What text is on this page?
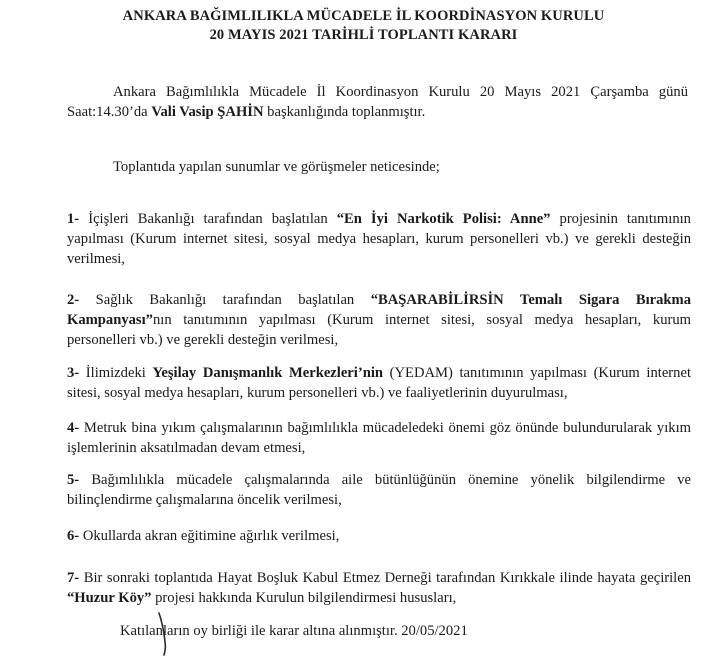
ANKARA BAĞIMLILIKLA MÜCADELE İL KOORDİNASYON KURULU
20 MAYIS 2021 TARİHLİ TOPLANTI KARARI
Ankara Bağımlılıkla Mücadele İl Koordinasyon Kurulu 20 Mayıs 2021 Çarşamba günü Saat:14.30’da Vali Vasip ŞAHİN başkanlığında toplanmıştır.
Toplantıda yapılan sunumlar ve görüşmeler neticesinde;
1- İçişleri Bakanlığı tarafından başlatılan “En İyi Narkotik Polisi: Anne” projesinin tanıtımının yapılması (Kurum internet sitesi, sosyal medya hesapları, kurum personelleri vb.) ve gerekli desteğin verilmesi,
2- Sağlık Bakanlığı tarafından başlatılan “BAŞARABİLİRSİN Temalı Sigara Bırakma Kampanyası”nın tanıtımının yapılması (Kurum internet sitesi, sosyal medya hesapları, kurum personelleri vb.) ve gerekli desteğin verilmesi,
3- İlimizdeki Yeşilay Danışmanlık Merkezleri’nin (YEDAM) tanıtımının yapılması (Kurum internet sitesi, sosyal medya hesapları, kurum personelleri vb.) ve faaliyetlerinin duyurulması,
4- Metruk bina yıkım çalışmalarının bağımlılıkla mücadeledeki önemi göz önünde bulundurularak yıkım işlemlerinin aksatılmadan devam etmesi,
5- Bağımlılıkla mücadele çalışmalarında aile bütünlüğünün önemine yönelik bilgilendirme ve bilinçlendirme çalışmalarına öncelik verilmesi,
6- Okullarda akran eğitimine ağırlık verilmesi,
7- Bir sonraki toplantıda Hayat Boşluk Kabul Etmez Derneği tarafından Kırıkkale ilinde hayata geçirilen “Huzur Köy” projesi hakkında Kurulun bilgilendirmesi hususları,
Katılanların oy birliği ile karar altına alınmıştır. 20/05/2021
